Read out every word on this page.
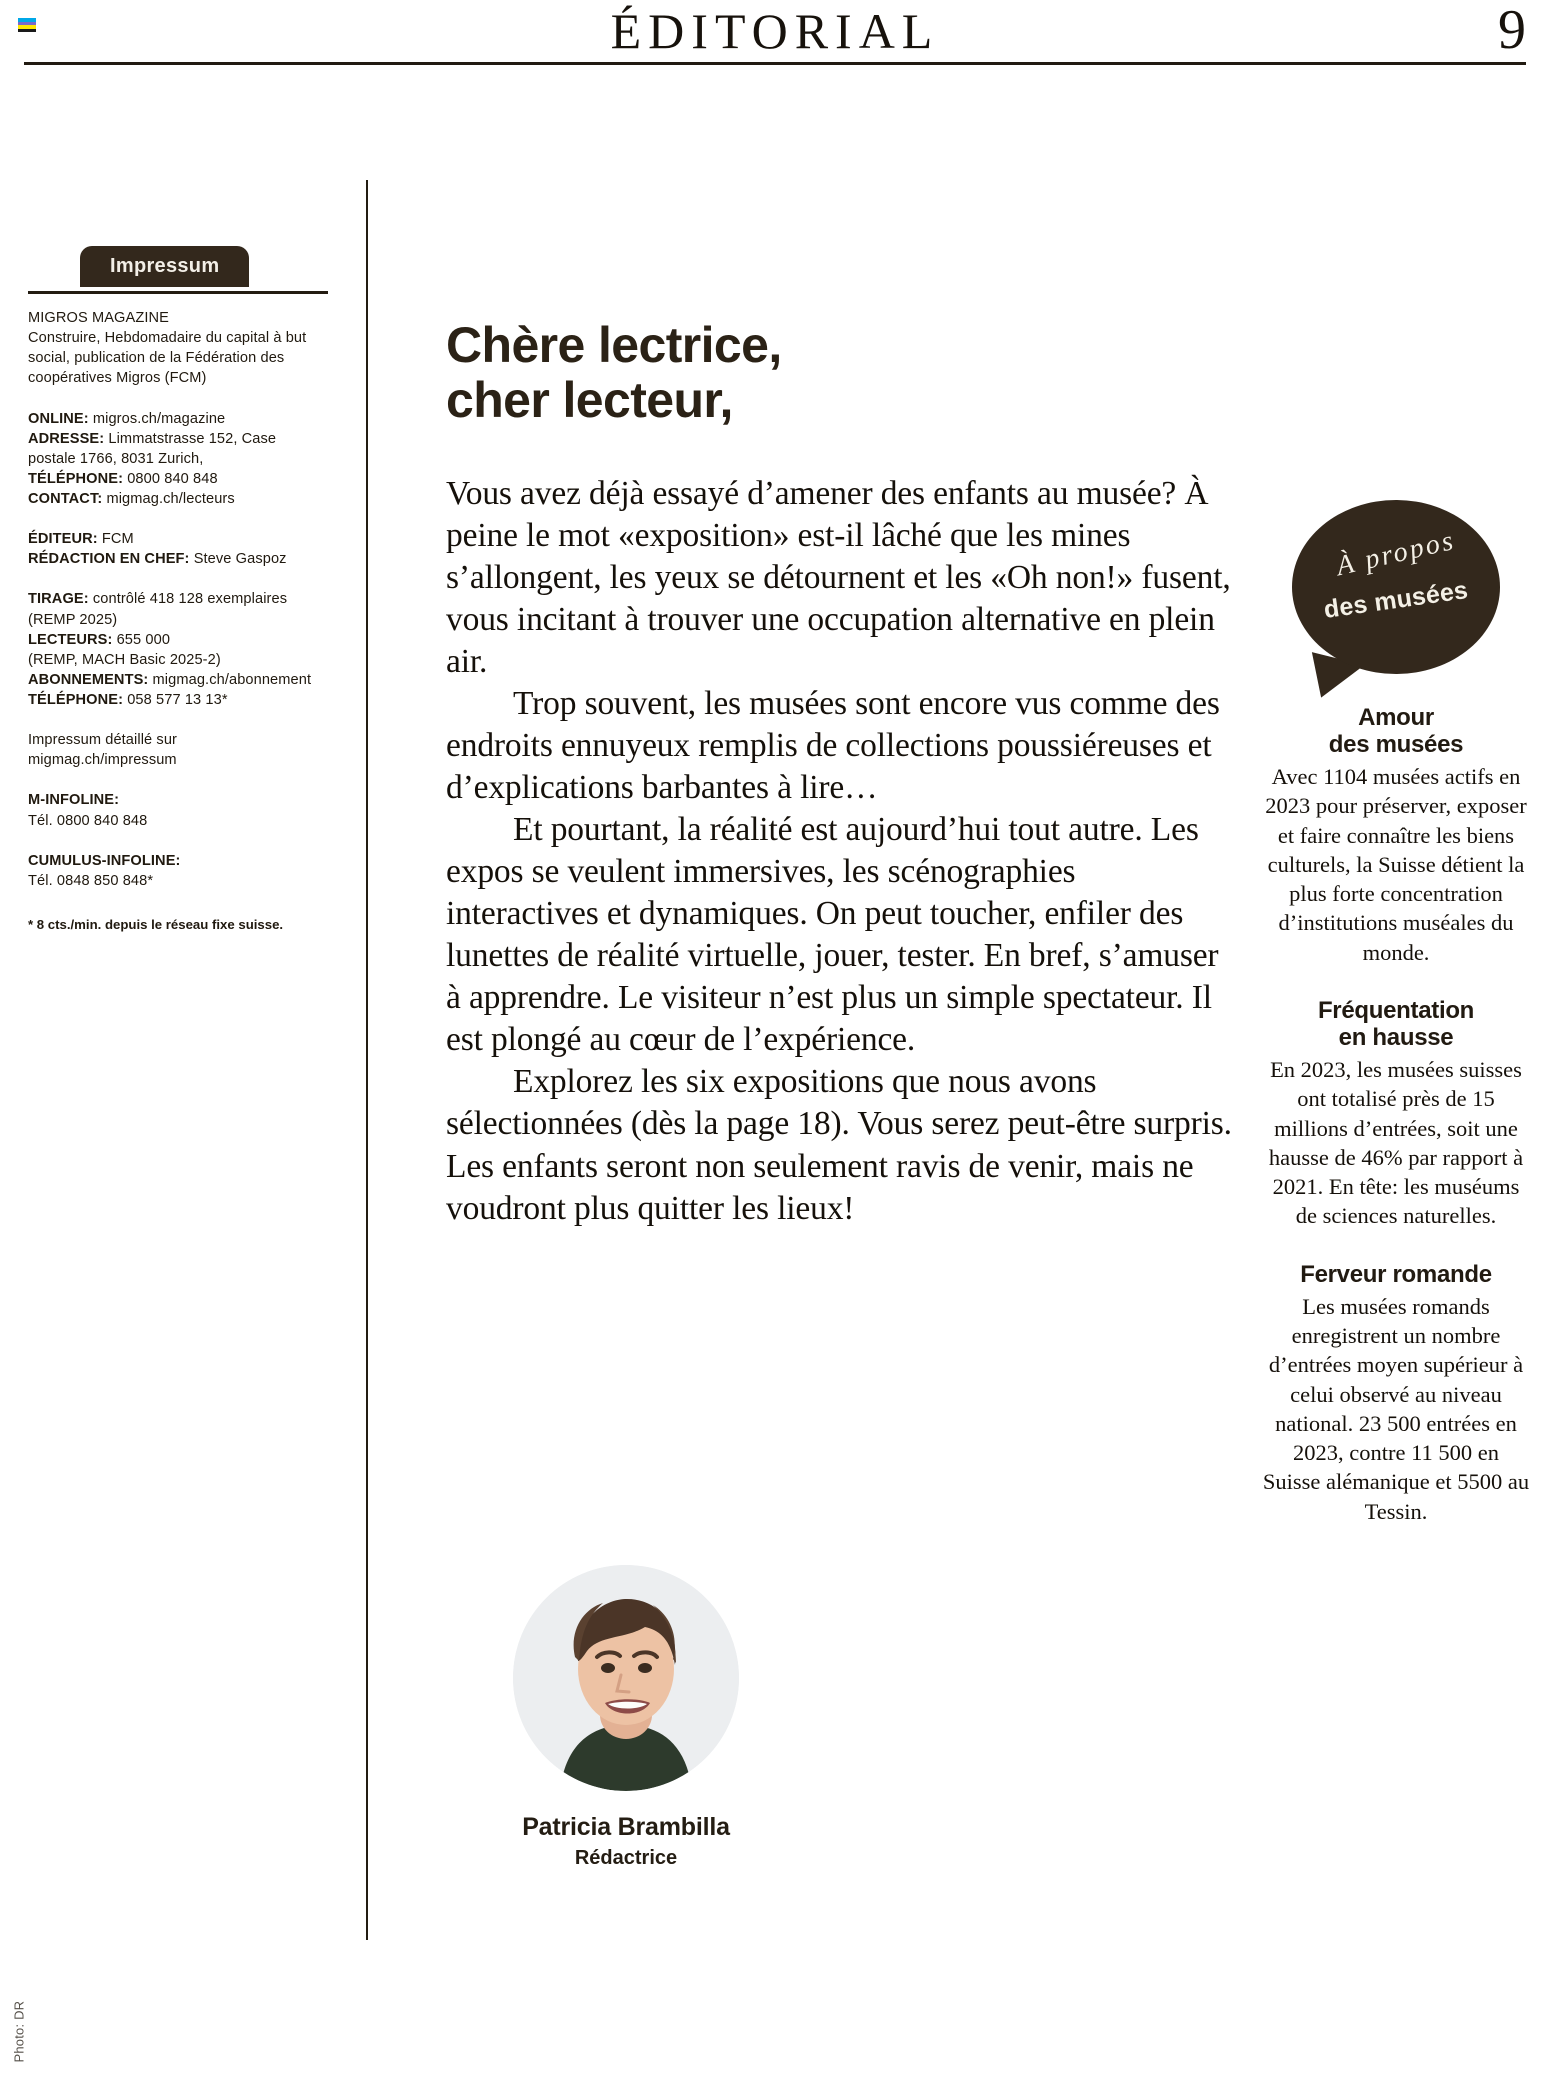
ÉDITORIAL	9
Impressum
MIGROS MAGAZINE
Construire, Hebdomadaire du capital à but social, publication de la Fédération des coopératives Migros (FCM)
ONLINE: migros.ch/magazine
ADRESSE: Limmatstrasse 152, Case postale 1766, 8031 Zurich,
TÉLÉPHONE: 0800 840 848
CONTACT: migmag.ch/lecteurs
ÉDITEUR: FCM
RÉDACTION EN CHEF: Steve Gaspoz
TIRAGE: contrôlé 418 128 exemplaires
(REMP 2025)
LECTEURS: 655 000
(REMP, MACH Basic 2025-2)
ABONNEMENTS: migmag.ch/abonnement
TÉLÉPHONE: 058 577 13 13*
Impressum détaillé sur
migmag.ch/impressum
M-INFOLINE:
Tél. 0800 840 848
CUMULUS-INFOLINE:
Tél. 0848 850 848*
* 8 cts./min. depuis le réseau fixe suisse.
Chère lectrice,
cher lecteur,

Vous avez déjà essayé d’amener des enfants au musée? À peine le mot «exposition» est-il lâché que les mines s’allongent, les yeux se détournent et les «Oh non!» fusent, vous incitant à trouver une occupation alternative en plein air.

Trop souvent, les musées sont encore vus comme des endroits ennuyeux remplis de collections poussiéreuses et d’explications barbantes à lire…

Et pourtant, la réalité est aujourd’hui tout autre. Les expos se veulent immersives, les scénographies interactives et dynamiques. On peut toucher, enfiler des lunettes de réalité virtuelle, jouer, tester. En bref, s’amuser à apprendre. Le visiteur n’est plus un simple spectateur. Il est plongé au cœur de l’expérience.

Explorez les six expositions que nous avons sélectionnées (dès la page 18). Vous serez peut-être surpris. Les enfants seront non seulement ravis de venir, mais ne voudront plus quitter les lieux!

Patricia Brambilla
Rédactrice
À propos
des musées
Amour
des musées
Avec 1104 musées actifs en 2023 pour préserver, exposer et faire connaître les biens culturels, la Suisse détient la plus forte concentration d’institutions muséales du monde.
Fréquentation
en hausse
En 2023, les musées suisses ont totalisé près de 15 millions d’entrées, soit une hausse de 46% par rapport à 2021. En tête: les muséums de sciences naturelles.
Ferveur romande
Les musées romands enregistrent un nombre d’entrées moyen supérieur à celui observé au niveau national. 23 500 entrées en 2023, contre 11 500 en Suisse alémanique et 5500 au Tessin.
Photo: DR
